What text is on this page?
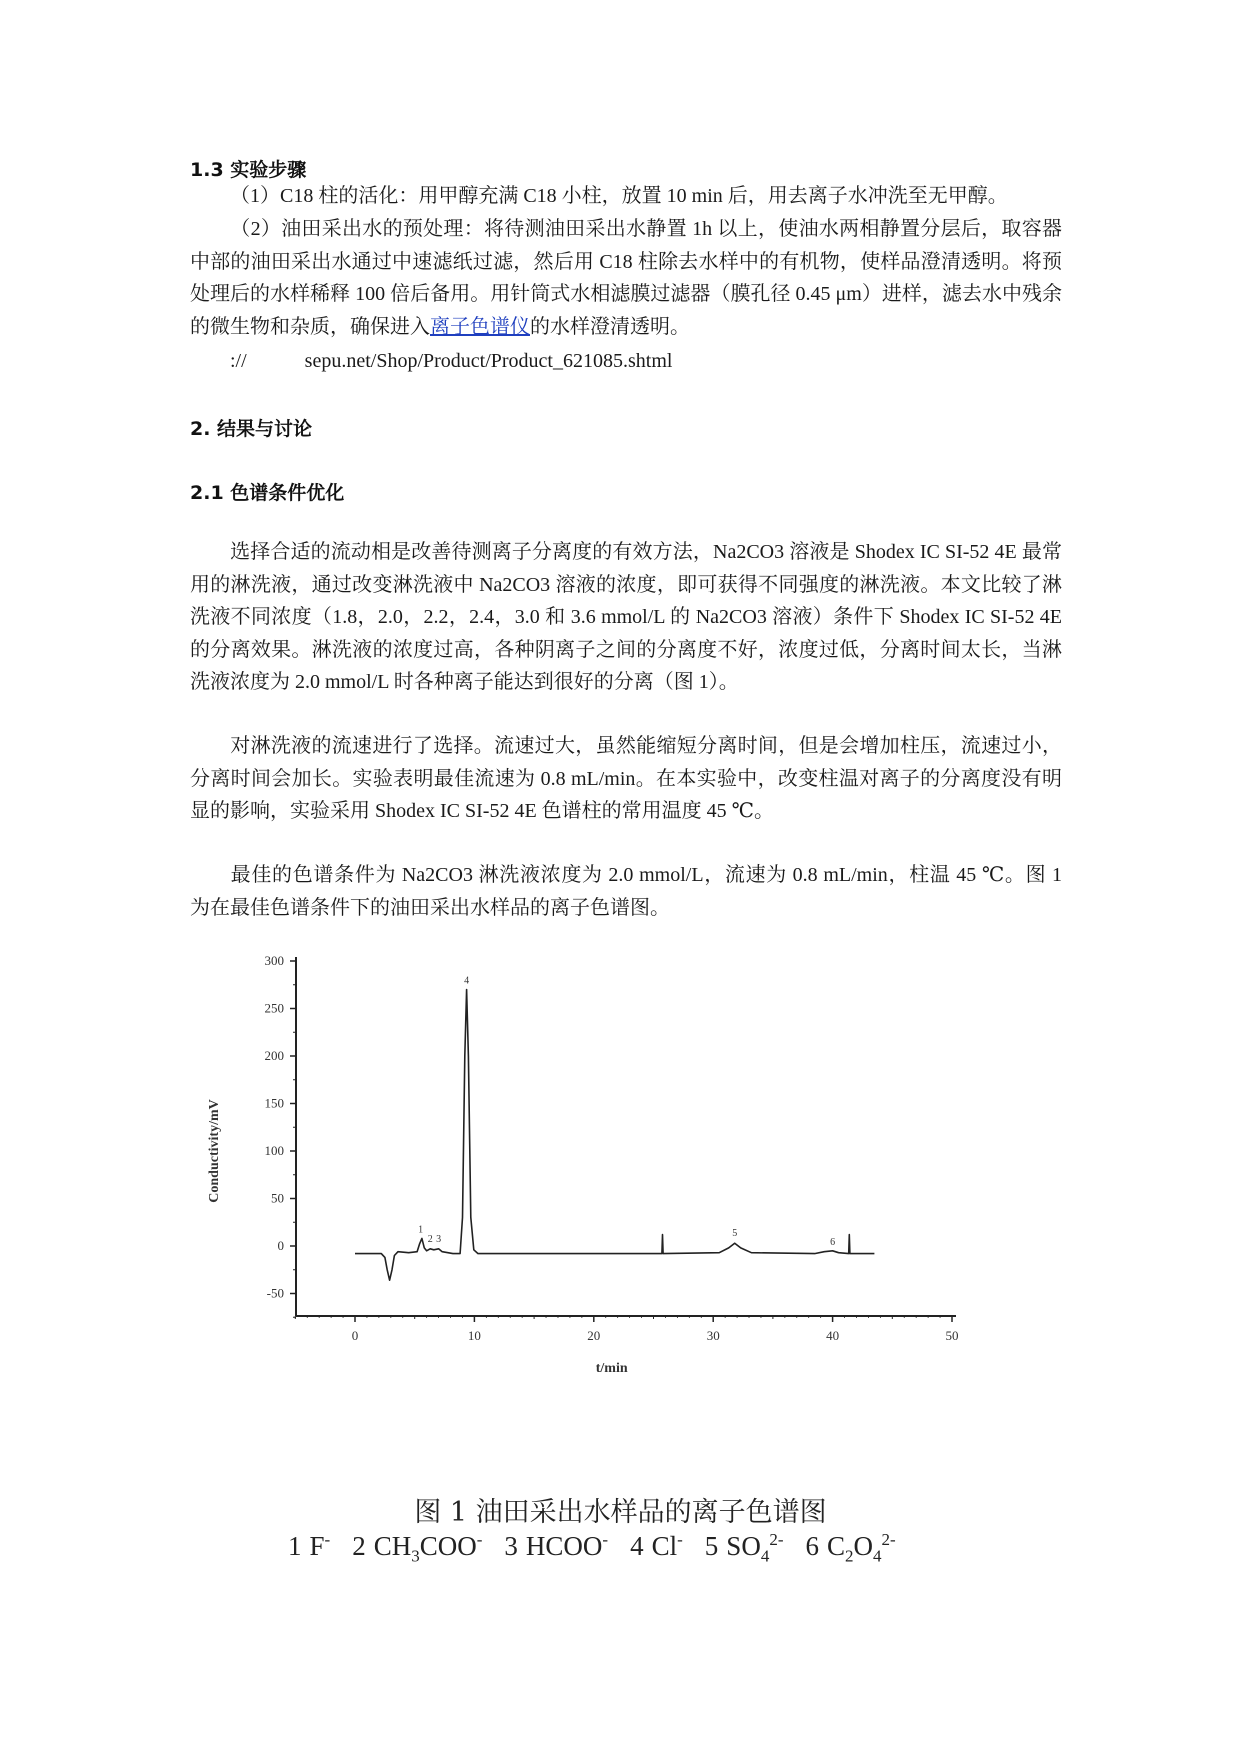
1.3 实验步骤

（1）C18 柱的活化：用甲醇充满 C18 小柱，放置 10 min 后，用去离子水冲洗至无甲醇。

（2）油田采出水的预处理：将待测油田采出水静置 1h 以上，使油水两相静置分层后，取容器中部的油田采出水通过中速滤纸过滤，然后用 C18 柱除去水样中的有机物，使样品澄清透明。将预处理后的水样稀释 100 倍后备用。用针筒式水相滤膜过滤器（膜孔径 0.45 μm）进样，滤去水中残余的微生物和杂质，确保进入离子色谱仪的水样澄清透明。

://	sepu.net/Shop/Product/Product_621085.shtml
2. 结果与讨论
2.1 色谱条件优化

选择合适的流动相是改善待测离子分离度的有效方法，Na2CO3 溶液是 Shodex IC SI-52 4E 最常用的淋洗液，通过改变淋洗液中 Na2CO3 溶液的浓度，即可获得不同强度的淋洗液。本文比较了淋洗液不同浓度（1.8，2.0，2.2，2.4，3.0 和 3.6 mmol/L 的 Na2CO3 溶液）条件下 Shodex IC SI-52 4E 的分离效果。淋洗液的浓度过高，各种阴离子之间的分离度不好，浓度过低，分离时间太长，当淋洗液浓度为 2.0 mmol/L 时各种离子能达到很好的分离（图 1）。

对淋洗液的流速进行了选择。流速过大，虽然能缩短分离时间，但是会增加柱压，流速过小，分离时间会加长。实验表明最佳流速为 0.8 mL/min。在本实验中，改变柱温对离子的分离度没有明显的影响，实验采用 Shodex IC SI-52 4E 色谱柱的常用温度 45 ℃。

最佳的色谱条件为 Na2CO3 淋洗液浓度为 2.0 mmol/L，流速为 0.8 mL/min，柱温 45 ℃。图 1 为在最佳色谱条件下的油田采出水样品的离子色谱图。

-50
0
50
100
150
200
250
300
0	10	20	30	40	50
t/min
Conductivity/mV
1
2 3
4
5
6
图 1 油田采出水样品的离子色谱图
1 F- 2 $CH_3COO^-$ 3 HCOO- 4 Cl- 5 $SO_4^{2-}$ 6 $C_2O_4^{2-}$
